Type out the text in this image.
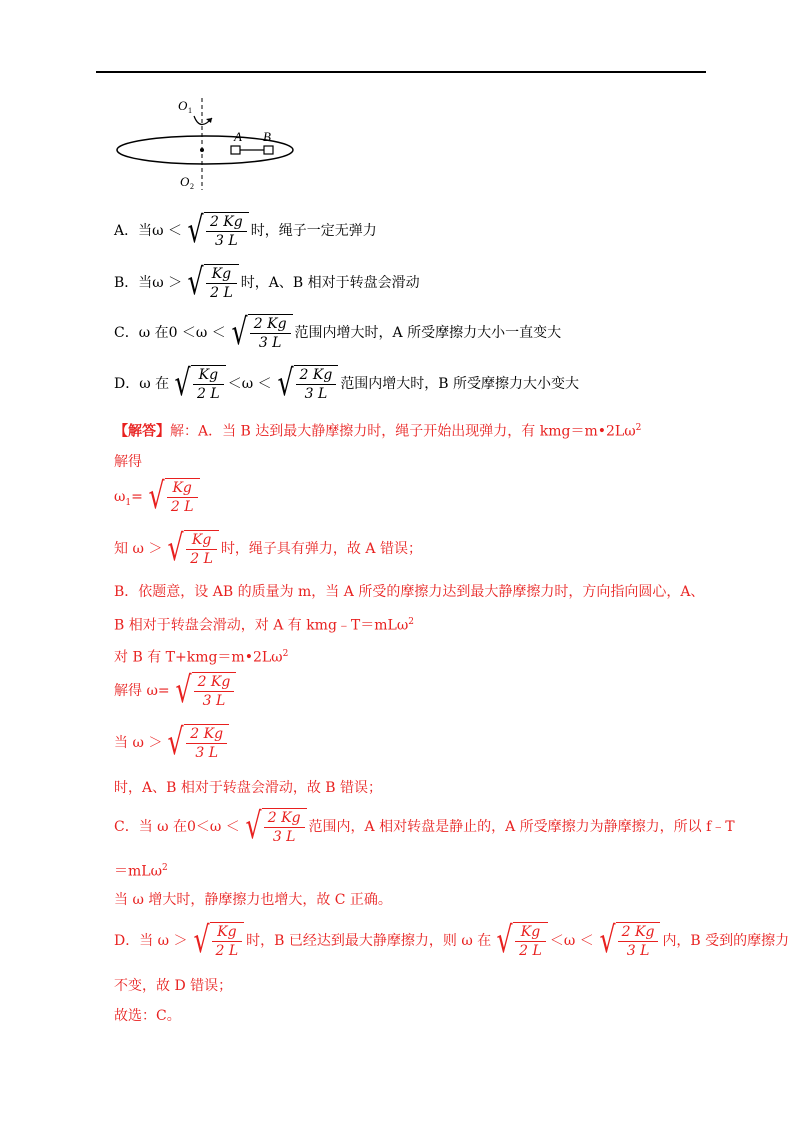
O 1
O 2
A B
A．当ω ＜ √ $\frac{2 Kg}{3 L}$ 时，绳子一定无弹力
B．当ω ＞ √ $\frac{Kg}{2 L}$ 时，A、B 相对于转盘会滑动
C．ω 在0 ＜ω ＜ √ $\frac{2 Kg}{3 L}$ 范围内增大时，A 所受摩擦力大小一直变大
D．ω 在 √ $\frac{Kg}{2 L} <\omega$ ＜ √ $\frac{2 Kg}{3 L}$ 范围内增大时，B 所受摩擦力大小变大
【解答】解：A．当 B 达到最大静摩擦力时，绳子开始出现弹力，有 $kmg=m•2L\omega^2$
解得
$\omega_1=$ √ $\frac{Kg}{2 L}$
知 ω ＞ √ $\frac{Kg}{2 L}$ 时，绳子具有弹力，故 A 错误；
B．依题意，设 AB 的质量为 m，当 A 所受的摩擦力达到最大静摩擦力时，方向指向圆心，A、
B 相对于转盘会滑动，对 A 有 kmg﹣T＝mLω$^2$
对 B 有 $T+kmg=m•2L\omega^2$
解得 ω= √ $\frac{2 Kg}{3 L}$
当 ω ＞ √ $\frac{2 Kg}{3 L}$
时，A、B 相对于转盘会滑动，故 B 错误；
C．当 ω 在0＜ω ＜ √ $\frac{2 Kg}{3 L}$ 范围内，A 相对转盘是静止的，A 所受摩擦力为静摩擦力，所以 f﹣T
＝mLω$^2$
当 ω 增大时，静摩擦力也增大，故 C 正确。
D．当 ω ＞ √ $\frac{Kg}{2 L}$ 时，B 已经达到最大静摩擦力，则 ω 在 √ $\frac{Kg}{2 L} <\omega$ ＜ √ $\frac{2 Kg}{3 L}$ 内，B 受到的摩擦力
不变，故 D 错误；
故选：C。
